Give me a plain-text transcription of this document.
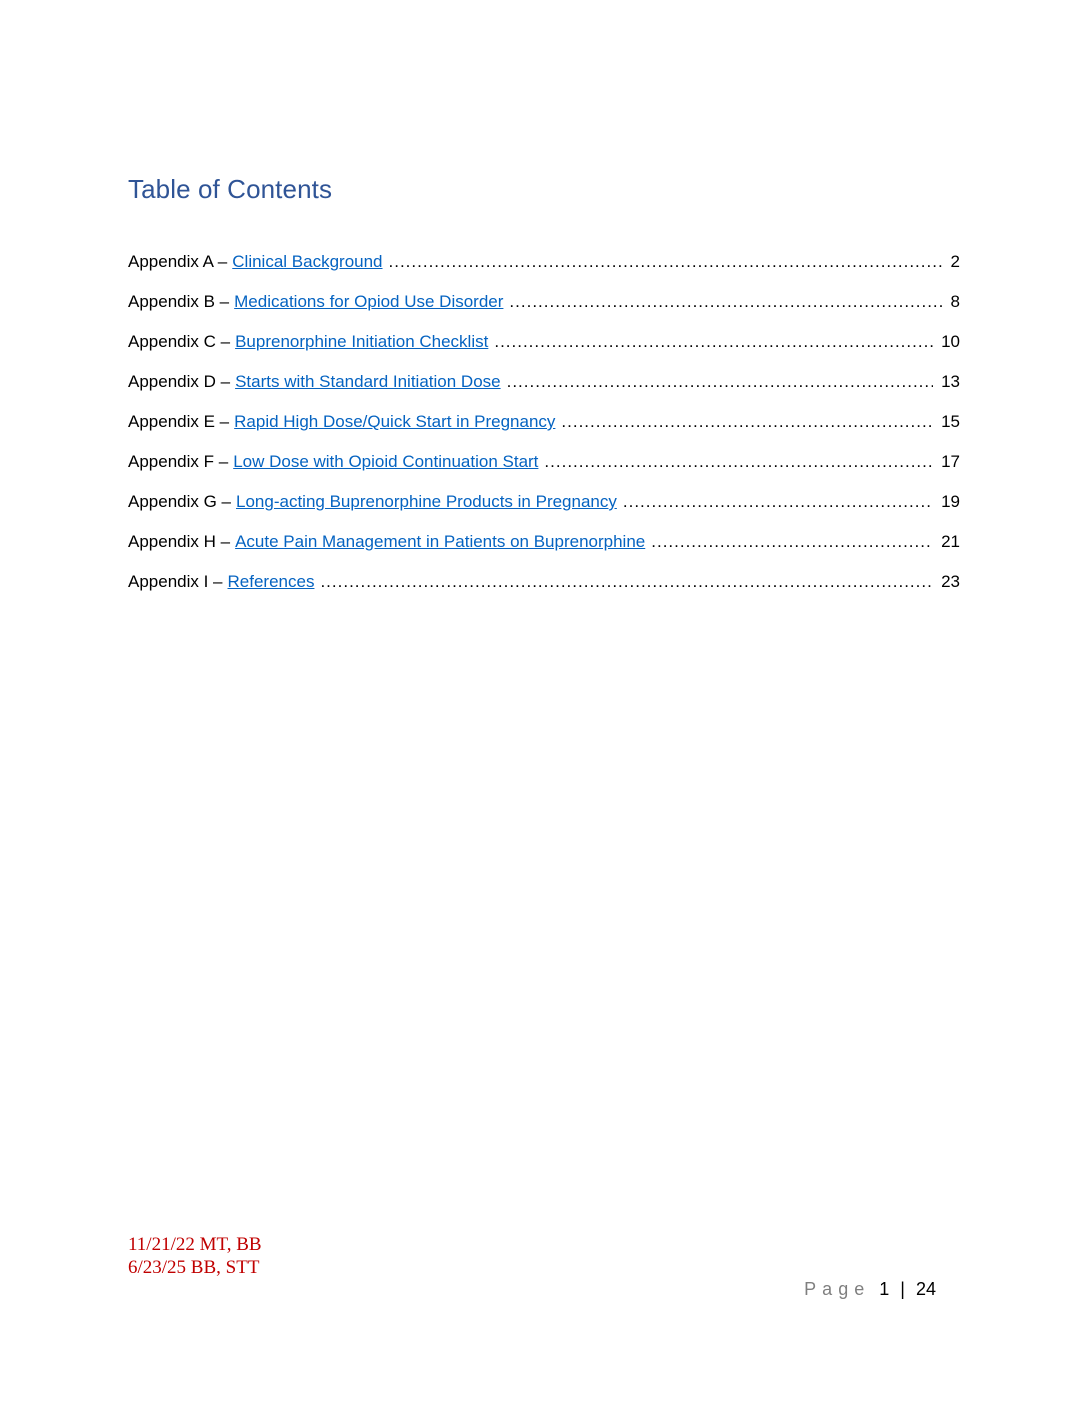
Table of Contents
Appendix A – Clinical Background .....	2
Appendix B – Medications for Opiod Use Disorder .....	8
Appendix C – Buprenorphine Initiation Checklist .....	10
Appendix D – Starts with Standard Initiation Dose .....	13
Appendix E – Rapid High Dose/Quick Start in Pregnancy .....	15
Appendix F – Low Dose with Opioid Continuation Start .....	17
Appendix G – Long-acting Buprenorphine Products in Pregnancy .....	19
Appendix H – Acute Pain Management in Patients on Buprenorphine .....	21
Appendix I – References .....	23
11/21/22 MT, BB
6/23/25 BB, STT
Page 1 | 24
